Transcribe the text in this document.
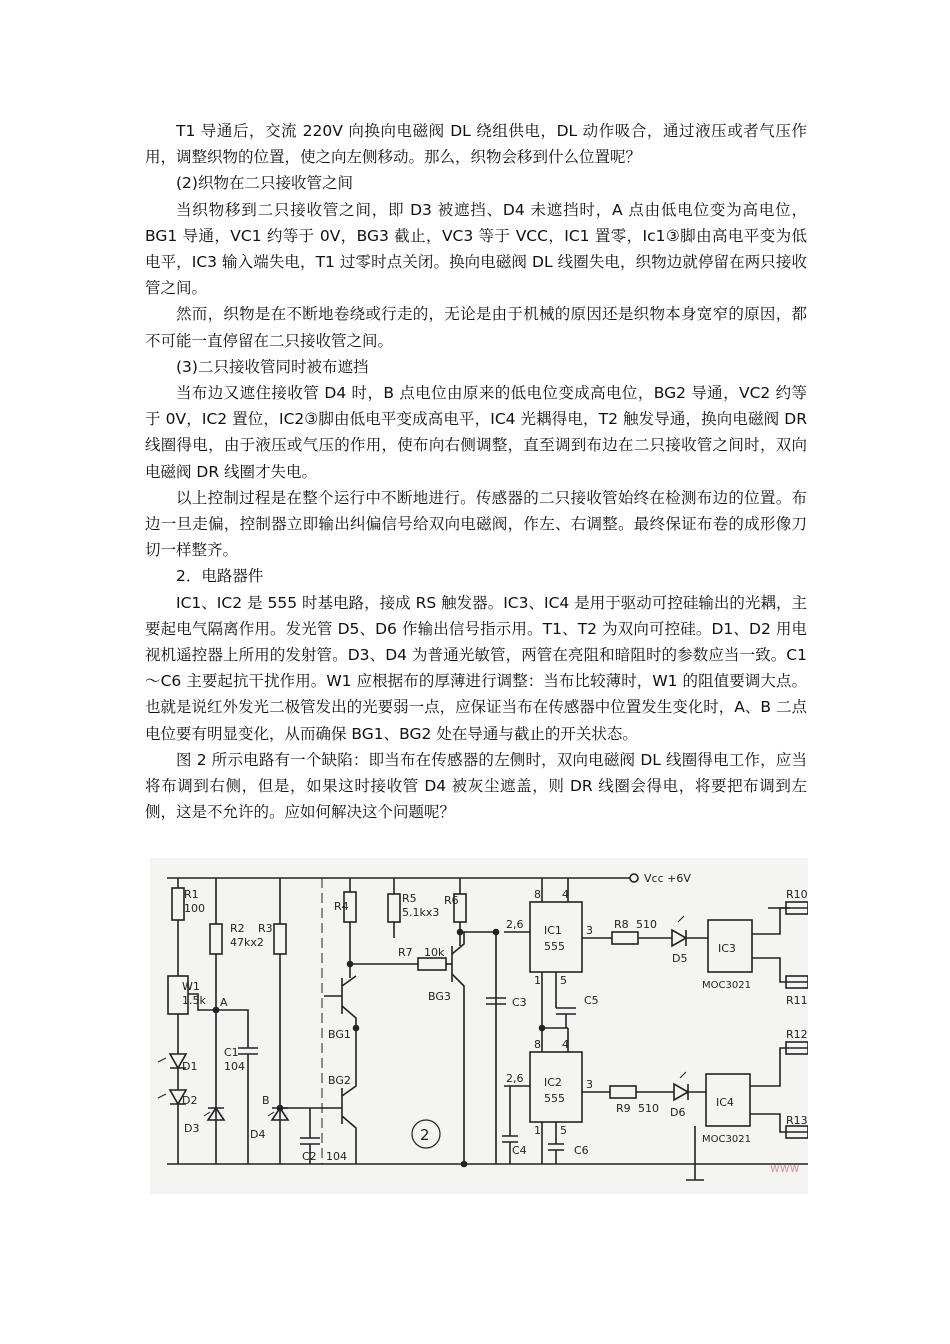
T1 导通后，交流 220V 向换向电磁阀 DL 绕组供电，DL 动作吸合，通过液压或者气压作用，调整织物的位置，使之向左侧移动。那么，织物会移到什么位置呢？

(2)织物在二只接收管之间

当织物移到二只接收管之间，即 D3 被遮挡、D4 未遮挡时，A 点由低电位变为高电位，BG1 导通，VC1 约等于 0V，BG3 截止，VC3 等于 VCC，IC1 置零，Ic1③脚由高电平变为低电平，IC3 输入端失电，T1 过零时点关闭。换向电磁阀 DL 线圈失电，织物边就停留在两只接收管之间。

然而，织物是在不断地卷绕或行走的，无论是由于机械的原因还是织物本身宽窄的原因，都不可能一直停留在二只接收管之间。

(3)二只接收管同时被布遮挡

当布边又遮住接收管 D4 时，B 点电位由原来的低电位变成高电位，BG2 导通，VC2 约等于 0V，IC2 置位，IC2③脚由低电平变成高电平，IC4 光耦得电，T2 触发导通，换向电磁阀 DR 线圈得电，由于液压或气压的作用，使布向右侧调整，直至调到布边在二只接收管之间时，双向电磁阀 DR 线圈才失电。

以上控制过程是在整个运行中不断地进行。传感器的二只接收管始终在检测布边的位置。布边一旦走偏，控制器立即输出纠偏信号给双向电磁阀，作左、右调整。最终保证布卷的成形像刀切一样整齐。

2．电路器件

IC1、IC2 是 555 时基电路，接成 RS 触发器。IC3、IC4 是用于驱动可控硅输出的光耦，主要起电气隔离作用。发光管 D5、D6 作输出信号指示用。T1、T2 为双向可控硅。D1、D2 用电视机遥控器上所用的发射管。D3、D4 为普通光敏管，两管在亮阻和暗阻时的参数应当一致。C1～C6 主要起抗干扰作用。W1 应根据布的厚薄进行调整：当布比较薄时，W1 的阻值要调大点。也就是说红外发光二极管发出的光要弱一点，应保证当布在传感器中位置发生变化时，A、B 二点电位要有明显变化，从而确保 BG1、BG2 处在导通与截止的开关状态。

图 2 所示电路有一个缺陷：即当布在传感器的左侧时，双向电磁阀 DL 线圈得电工作，应当将布调到右侧，但是，如果这时接收管 D4 被灰尘遮盖，则 DR 线圈会得电，将要把布调到左侧，这是不允许的。应如何解决这个问题呢？

R1
100
R2 R3
47kx2
R4
R5
5.1kx3
R6
R7 10k
W1
1.5k A
B
BG1
BG2
BG3
C1
104
C2 104
C3
C4
C5
C6
D1
D2
D3	D4
D5
D6
IC1
555
IC2
555
IC3
IC4
MOC3021
MOC3021
R8 510
R9 510
R10
R11
R12
R13
Vcc +6V
8 4
2,6	3
1 5
8 4
2,6	3
1 5
2
www
